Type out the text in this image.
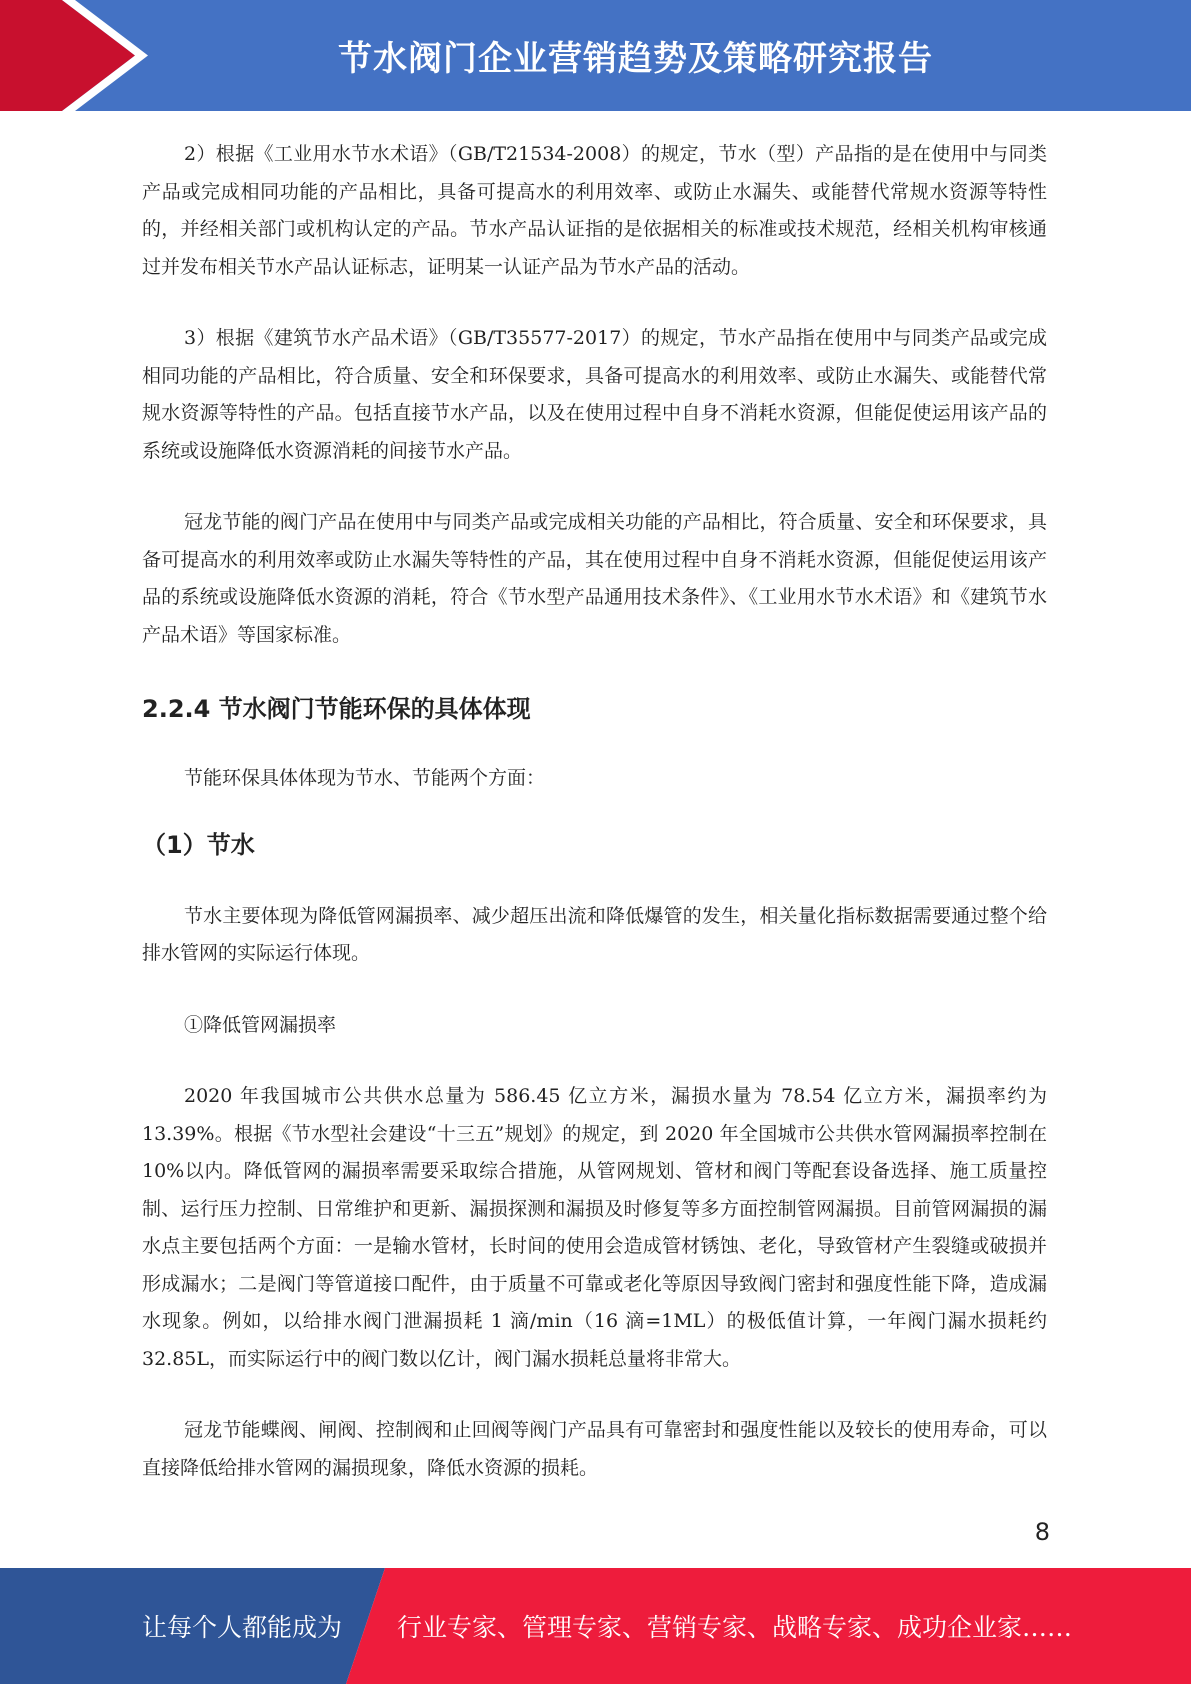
节水阀门企业营销趋势及策略研究报告

2）根据《工业用水节水术语》（GB/T21534-2008）的规定，节水（型）产品指的是在使用中与同类产品或完成相同功能的产品相比，具备可提高水的利用效率、或防止水漏失、或能替代常规水资源等特性的，并经相关部门或机构认定的产品。节水产品认证指的是依据相关的标准或技术规范，经相关机构审核通过并发布相关节水产品认证标志，证明某一认证产品为节水产品的活动。

3）根据《建筑节水产品术语》（GB/T35577-2017）的规定，节水产品指在使用中与同类产品或完成相同功能的产品相比，符合质量、安全和环保要求，具备可提高水的利用效率、或防止水漏失、或能替代常规水资源等特性的产品。包括直接节水产品，以及在使用过程中自身不消耗水资源，但能促使运用该产品的系统或设施降低水资源消耗的间接节水产品。

冠龙节能的阀门产品在使用中与同类产品或完成相关功能的产品相比，符合质量、安全和环保要求，具备可提高水的利用效率或防止水漏失等特性的产品，其在使用过程中自身不消耗水资源，但能促使运用该产品的系统或设施降低水资源的消耗，符合《节水型产品通用技术条件》、《工业用水节水术语》和《建筑节水产品术语》等国家标准。

2.2.4 节水阀门节能环保的具体体现

节能环保具体体现为节水、节能两个方面：

（1）节水

节水主要体现为降低管网漏损率、减少超压出流和降低爆管的发生，相关量化指标数据需要通过整个给排水管网的实际运行体现。

①降低管网漏损率

2020 年我国城市公共供水总量为 586.45 亿立方米，漏损水量为 78.54 亿立方米，漏损率约为 13.39%。根据《节水型社会建设“十三五”规划》的规定，到 2020 年全国城市公共供水管网漏损率控制在 10%以内。降低管网的漏损率需要采取综合措施，从管网规划、管材和阀门等配套设备选择、施工质量控制、运行压力控制、日常维护和更新、漏损探测和漏损及时修复等多方面控制管网漏损。目前管网漏损的漏水点主要包括两个方面：一是输水管材，长时间的使用会造成管材锈蚀、老化，导致管材产生裂缝或破损并形成漏水；二是阀门等管道接口配件，由于质量不可靠或老化等原因导致阀门密封和强度性能下降，造成漏水现象。例如，以给排水阀门泄漏损耗 1 滴/min（16 滴=1ML）的极低值计算，一年阀门漏水损耗约 32.85L，而实际运行中的阀门数以亿计，阀门漏水损耗总量将非常大。

冠龙节能蝶阀、闸阀、控制阀和止回阀等阀门产品具有可靠密封和强度性能以及较长的使用寿命，可以直接降低给排水管网的漏损现象，降低水资源的损耗。

8
让每个人都能成为 行业专家、管理专家、营销专家、战略专家、成功企业家……
